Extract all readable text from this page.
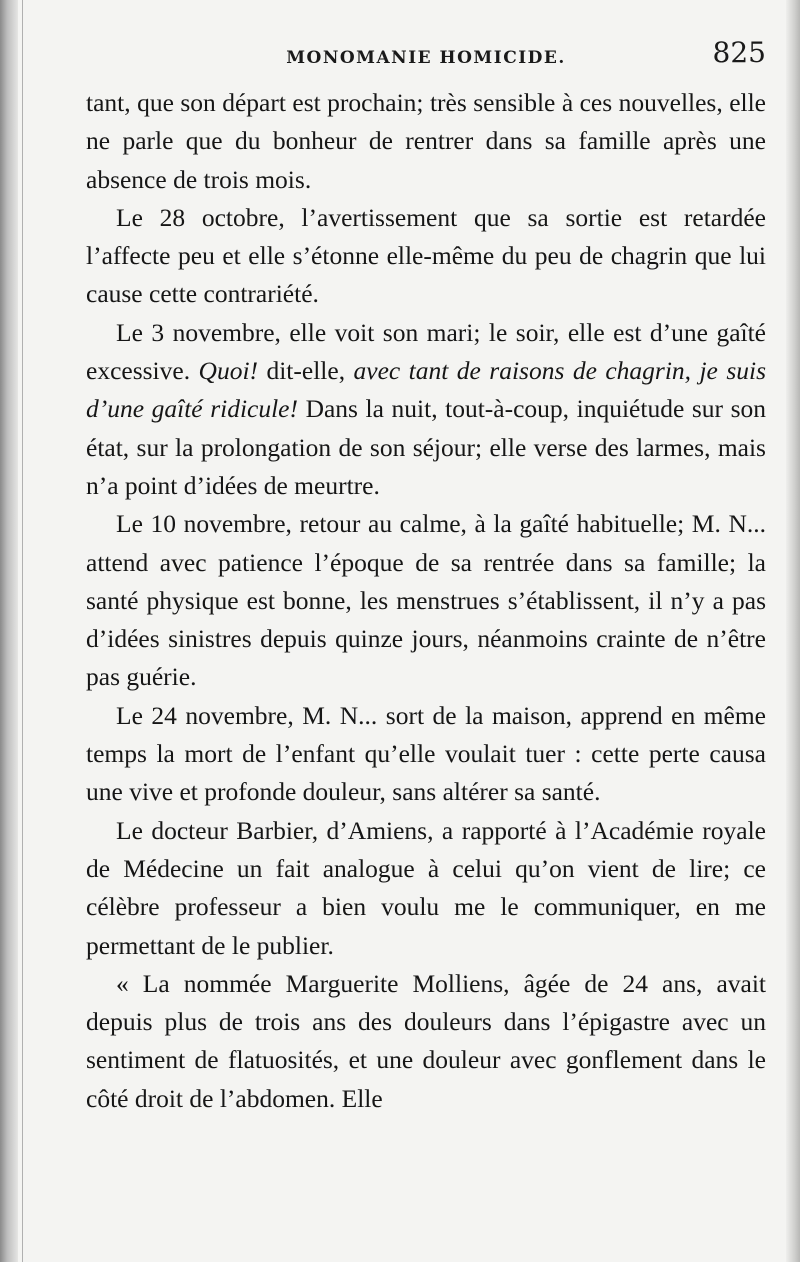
MONOMANIE HOMICIDE.	825

tant, que son départ est prochain; très sensible à ces nouvelles, elle ne parle que du bonheur de rentrer dans sa famille après une absence de trois mois.

Le 28 octobre, l’avertissement que sa sortie est retardée l’affecte peu et elle s’étonne elle-même du peu de chagrin que lui cause cette contrariété.

Le 3 novembre, elle voit son mari; le soir, elle est d’une gaîté excessive. Quoi! dit-elle, avec tant de raisons de chagrin, je suis d’une gaîté ridicule! Dans la nuit, tout-à-coup, inquiétude sur son état, sur la prolongation de son séjour; elle verse des larmes, mais n’a point d’idées de meurtre.

Le 10 novembre, retour au calme, à la gaîté habituelle; M. N... attend avec patience l’époque de sa rentrée dans sa famille; la santé physique est bonne, les menstrues s’établissent, il n’y a pas d’idées sinistres depuis quinze jours, néanmoins crainte de n’être pas guérie.

Le 24 novembre, M. N... sort de la maison, apprend en même temps la mort de l’enfant qu’elle voulait tuer : cette perte causa une vive et profonde douleur, sans altérer sa santé.

Le docteur Barbier, d’Amiens, a rapporté à l’Académie royale de Médecine un fait analogue à celui qu’on vient de lire; ce célèbre professeur a bien voulu me le communiquer, en me permettant de le publier.

« La nommée Marguerite Molliens, âgée de 24 ans, avait depuis plus de trois ans des douleurs dans l’épigastre avec un sentiment de flatuosités, et une douleur avec gonflement dans le côté droit de l’abdomen. Elle
